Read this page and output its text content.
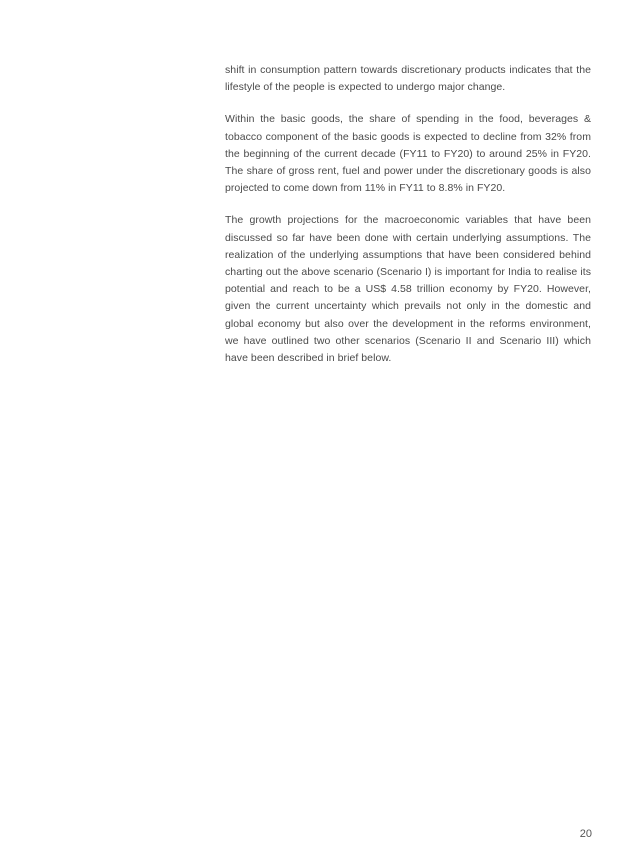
shift in consumption pattern towards discretionary products indicates that the lifestyle of the people is expected to undergo major change.

Within the basic goods, the share of spending in the food, beverages & tobacco component of the basic goods is expected to decline from 32% from the beginning of the current decade (FY11 to FY20) to around 25% in FY20. The share of gross rent, fuel and power under the discretionary goods is also projected to come down from 11% in FY11 to 8.8% in FY20.

The growth projections for the macroeconomic variables that have been discussed so far have been done with certain underlying assumptions. The realization of the underlying assumptions that have been considered behind charting out the above scenario (Scenario I) is important for India to realise its potential and reach to be a US$ 4.58 trillion economy by FY20. However, given the current uncertainty which prevails not only in the domestic and global economy but also over the development in the reforms environment, we have outlined two other scenarios (Scenario II and Scenario III) which have been described in brief below.

20
